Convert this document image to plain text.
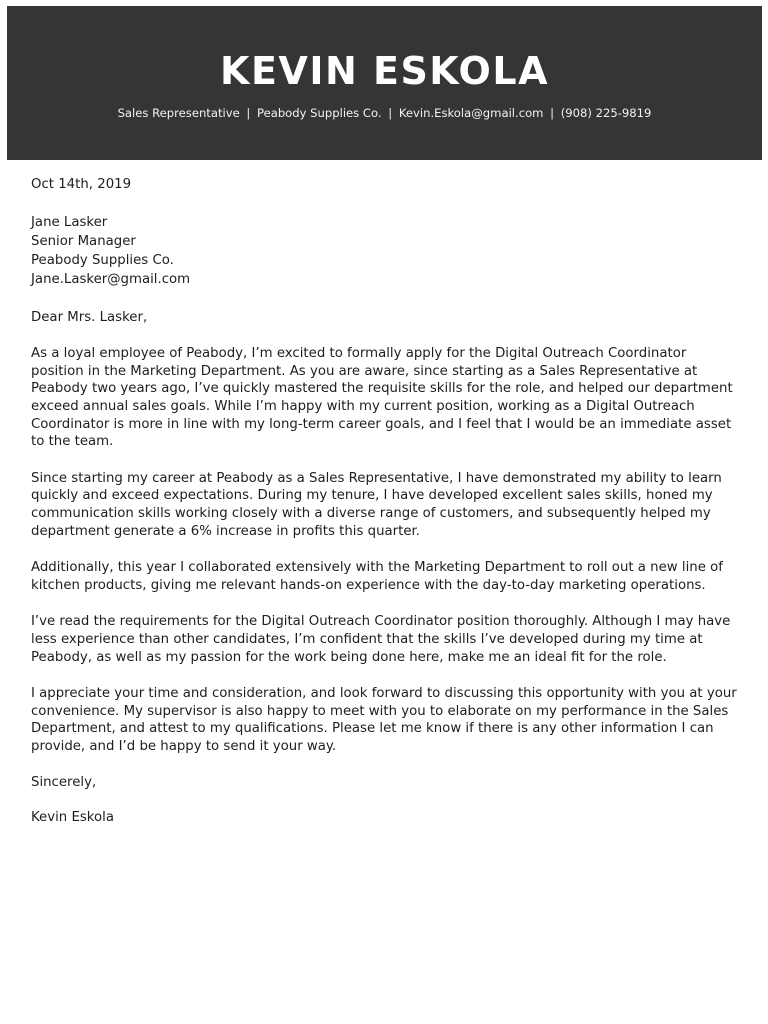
KEVIN ESKOLA
Sales Representative | Peabody Supplies Co. | Kevin.Eskola@gmail.com | (908) 225-9819
Oct 14th, 2019
Jane Lasker
Senior Manager
Peabody Supplies Co.
Jane.Lasker@gmail.com
Dear Mrs. Lasker,
As a loyal employee of Peabody, I’m excited to formally apply for the Digital Outreach Coordinator position in the Marketing Department. As you are aware, since starting as a Sales Representative at Peabody two years ago, I’ve quickly mastered the requisite skills for the role, and helped our department exceed annual sales goals. While I’m happy with my current position, working as a Digital Outreach Coordinator is more in line with my long-term career goals, and I feel that I would be an immediate asset to the team.
Since starting my career at Peabody as a Sales Representative, I have demonstrated my ability to learn quickly and exceed expectations. During my tenure, I have developed excellent sales skills, honed my communication skills working closely with a diverse range of customers, and subsequently helped my department generate a 6% increase in profits this quarter.
Additionally, this year I collaborated extensively with the Marketing Department to roll out a new line of kitchen products, giving me relevant hands-on experience with the day-to-day marketing operations.
I’ve read the requirements for the Digital Outreach Coordinator position thoroughly. Although I may have less experience than other candidates, I’m confident that the skills I’ve developed during my time at Peabody, as well as my passion for the work being done here, make me an ideal fit for the role.
I appreciate your time and consideration, and look forward to discussing this opportunity with you at your convenience. My supervisor is also happy to meet with you to elaborate on my performance in the Sales Department, and attest to my qualifications. Please let me know if there is any other information I can provide, and I’d be happy to send it your way.
Sincerely,
Kevin Eskola
